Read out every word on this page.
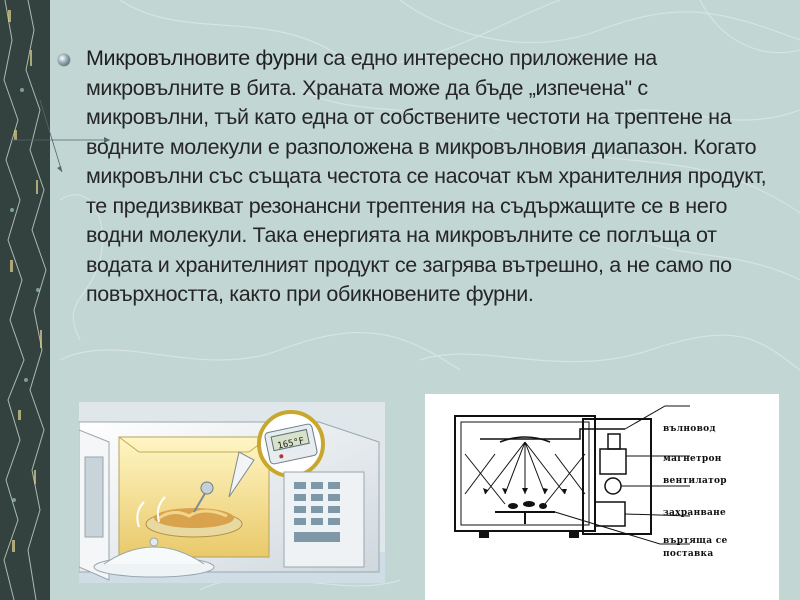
Микровълновите фурни са едно интересно приложение на микровълните в бита. Храната може да бъде „изпечена" с микровълни, тъй като една от собствените честоти на трептене на водните молекули е разположена в микровълновия диапазон. Когато микровълни със същата честота се насочат към хранителния продукт, те предизвикват резонансни трептения на съдържащите се в него водни молекули. Така енергията на микровълните се поглъща от водата и хранителният продукт се загрява вътрешно, а не само по повърхността, както при обикновените фурни.

165°F
вълновод
магнетрон
вентилатор
захранване
въртяща се
поставка
